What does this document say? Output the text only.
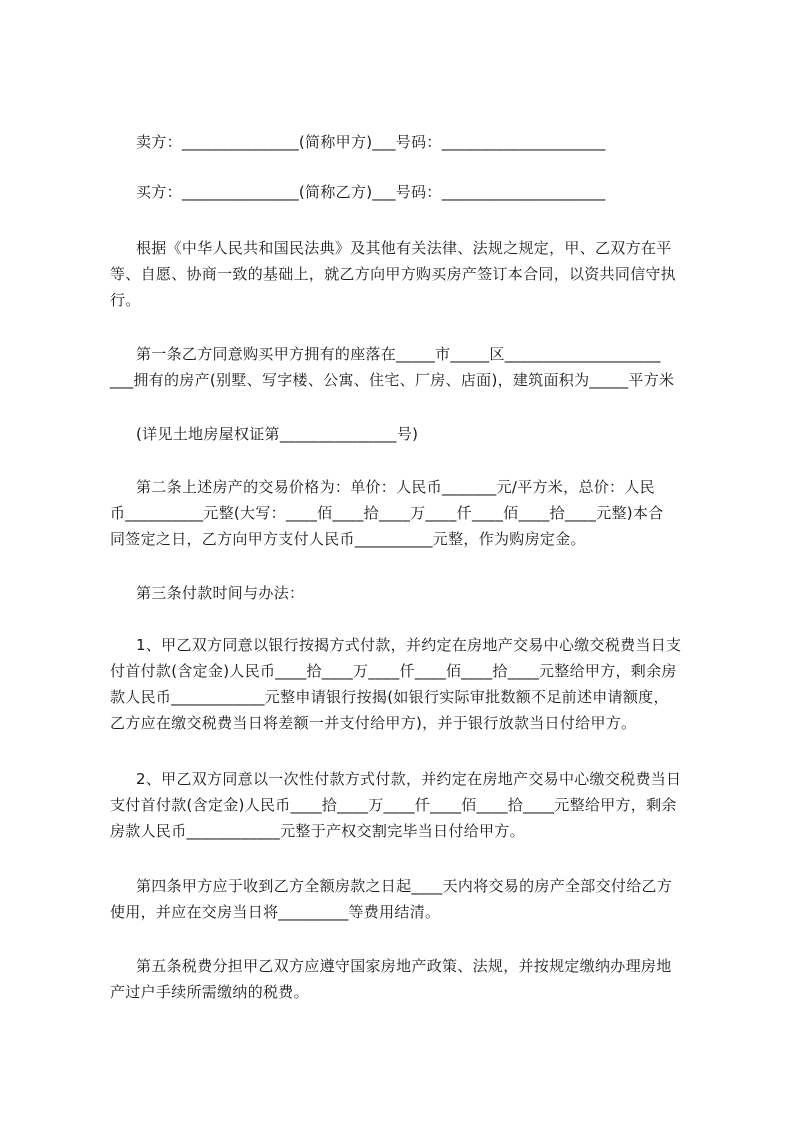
卖方：_______________(简称甲方)___号码：_____________________
买方：_______________(简称乙方)___号码：_____________________
根据《中华人民共和国民法典》及其他有关法律、法规之规定，甲、乙双方在平
等、自愿、协商一致的基础上，就乙方向甲方购买房产签订本合同，以资共同信守执
行。
第一条乙方同意购买甲方拥有的座落在_____市_____区____________________
___拥有的房产(别墅、写字楼、公寓、住宅、厂房、店面)，建筑面积为_____平方米
(详见土地房屋权证第_______________号)
第二条上述房产的交易价格为：单价：人民币_______元/平方米，总价：人民
币__________元整(大写：____佰____拾____万____仟____佰____拾____元整)本合
同签定之日，乙方向甲方支付人民币__________元整，作为购房定金。
第三条付款时间与办法：
1、甲乙双方同意以银行按揭方式付款，并约定在房地产交易中心缴交税费当日支
付首付款(含定金)人民币____拾____万____仟____佰____拾____元整给甲方，剩余房
款人民币____________元整申请银行按揭(如银行实际审批数额不足前述申请额度，
乙方应在缴交税费当日将差额一并支付给甲方)，并于银行放款当日付给甲方。
2、甲乙双方同意以一次性付款方式付款，并约定在房地产交易中心缴交税费当日
支付首付款(含定金)人民币____拾____万____仟____佰____拾____元整给甲方，剩余
房款人民币____________元整于产权交割完毕当日付给甲方。
第四条甲方应于收到乙方全额房款之日起____天内将交易的房产全部交付给乙方
使用，并应在交房当日将_________等费用结清。
第五条税费分担甲乙双方应遵守国家房地产政策、法规，并按规定缴纳办理房地
产过户手续所需缴纳的税费。
